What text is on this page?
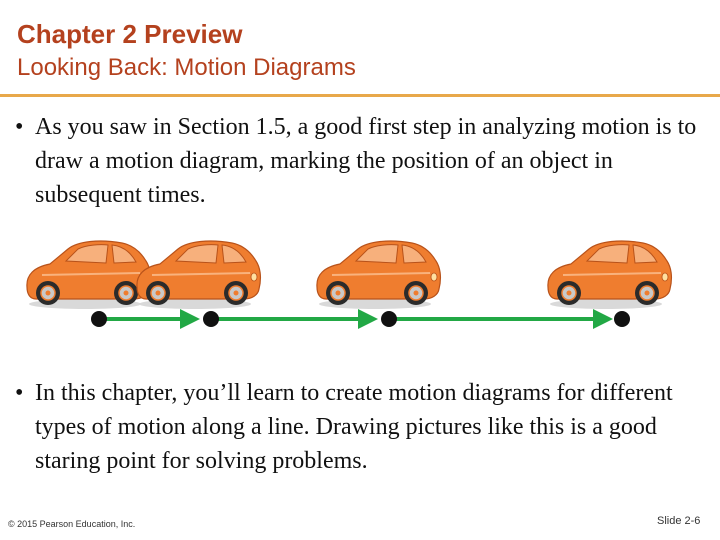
Chapter 2 Preview
Looking Back: Motion Diagrams
• As you saw in Section 1.5, a good first step in analyzing motion is to draw a motion diagram, marking the position of an object in subsequent times.
• In this chapter, you’ll learn to create motion diagrams for different types of motion along a line. Drawing pictures like this is a good staring point for solving problems.
© 2015 Pearson Education, Inc.	Slide 2-6
